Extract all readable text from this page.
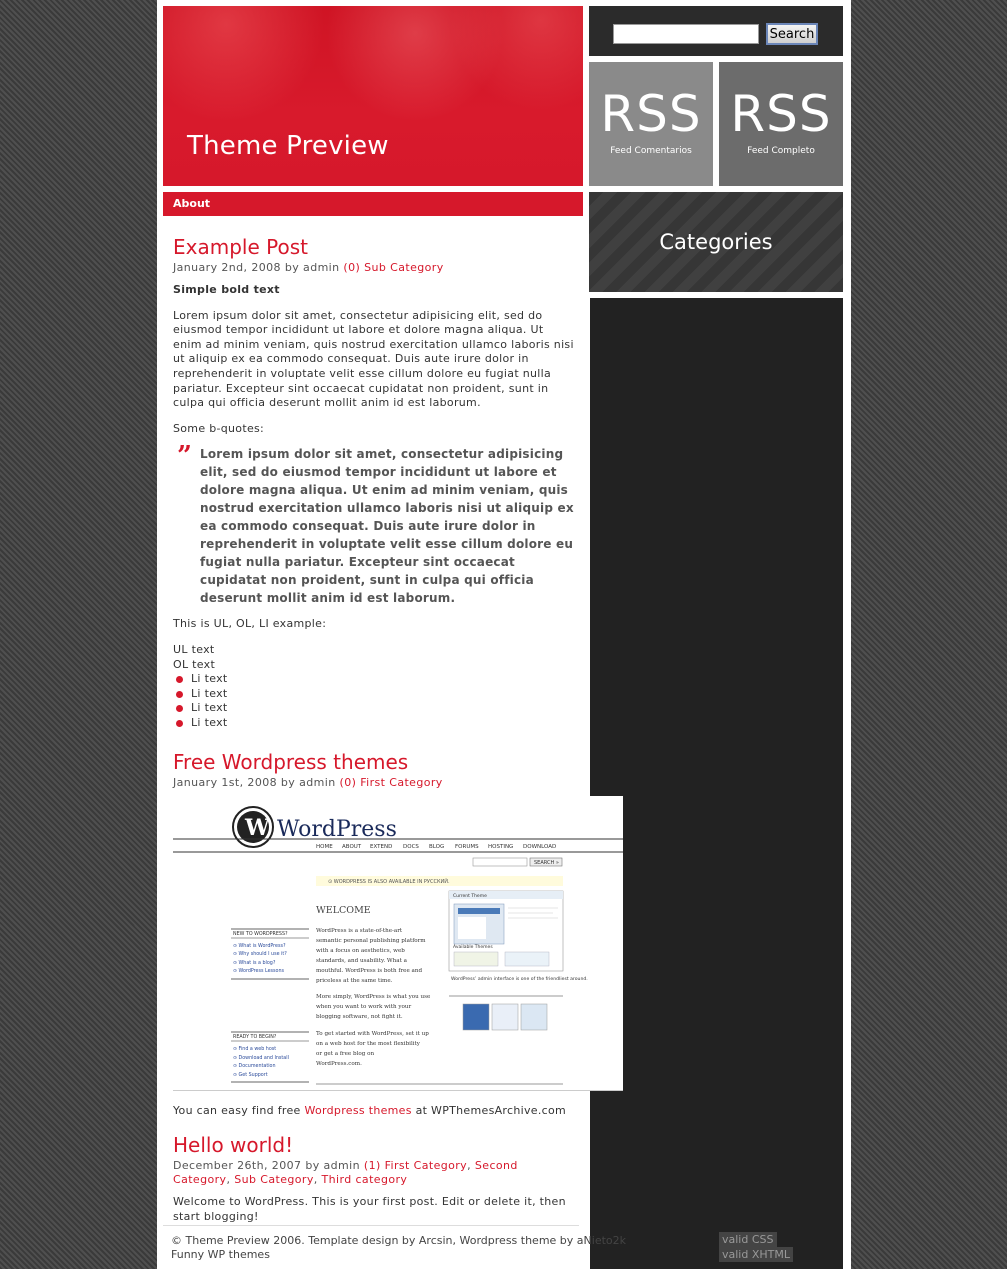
Theme Preview
About
Search
RSS
Feed Comentarios
RSS
Feed Completo
Categories
Example Post
January 2nd, 2008 by admin (0) Sub Category

Simple bold text

Lorem ipsum dolor sit amet, consectetur adipisicing elit, sed do eiusmod tempor incididunt ut labore et dolore magna aliqua. Ut enim ad minim veniam, quis nostrud exercitation ullamco laboris nisi ut aliquip ex ea commodo consequat. Duis aute irure dolor in reprehenderit in voluptate velit esse cillum dolore eu fugiat nulla pariatur. Excepteur sint occaecat cupidatat non proident, sunt in culpa qui officia deserunt mollit anim id est laborum.

Some b-quotes:

” Lorem ipsum dolor sit amet, consectetur adipisicing elit, sed do eiusmod tempor incididunt ut labore et dolore magna aliqua. Ut enim ad minim veniam, quis nostrud exercitation ullamco laboris nisi ut aliquip ex ea commodo consequat. Duis aute irure dolor in reprehenderit in voluptate velit esse cillum dolore eu fugiat nulla pariatur. Excepteur sint occaecat cupidatat non proident, sunt in culpa qui officia deserunt mollit anim id est laborum.

This is UL, OL, LI example:

UL text

OL text

Li text
Li text
Li text
Li text
Free Wordpress themes
January 1st, 2008 by admin (0) First Category
W WordPress
HOME ABOUT EXTEND DOCS BLOG FORUMS HOSTING DOWNLOAD
SEARCH »
⊙ WORDPRESS IS ALSO AVAILABLE IN РУССКИЙ.
WELCOME
WordPress is a state-of-the-art
semantic personal publishing platform
with a focus on aesthetics, web
standards, and usability. What a
mouthful. WordPress is both free and
priceless at the same time.
More simply, WordPress is what you use
when you want to work with your
blogging software, not fight it.
To get started with WordPress, set it up
on a web host for the most flexibility
or get a free blog on
WordPress.com.
NEW TO WORDPRESS?
⊙ What is WordPress?
⊙ Why should I use it?
⊙ What is a blog?
⊙ WordPress Lessons
READY TO BEGIN?
⊙ Find a web host
⊙ Download and Install
⊙ Documentation
⊙ Get Support
Current Theme
Available Themes
WordPress’ admin interface is one of the friendliest around.

You can easy find free Wordpress themes at WPThemesArchive.com

Hello world!
December 26th, 2007 by admin (1) First Category, Second Category, Sub Category, Third category

Welcome to WordPress. This is your first post. Edit or delete it, then start blogging!

© Theme Preview 2006. Template design by Arcsin, Wordpress theme by aNieto2k
Funny WP themes
valid CSSvalid XHTML
